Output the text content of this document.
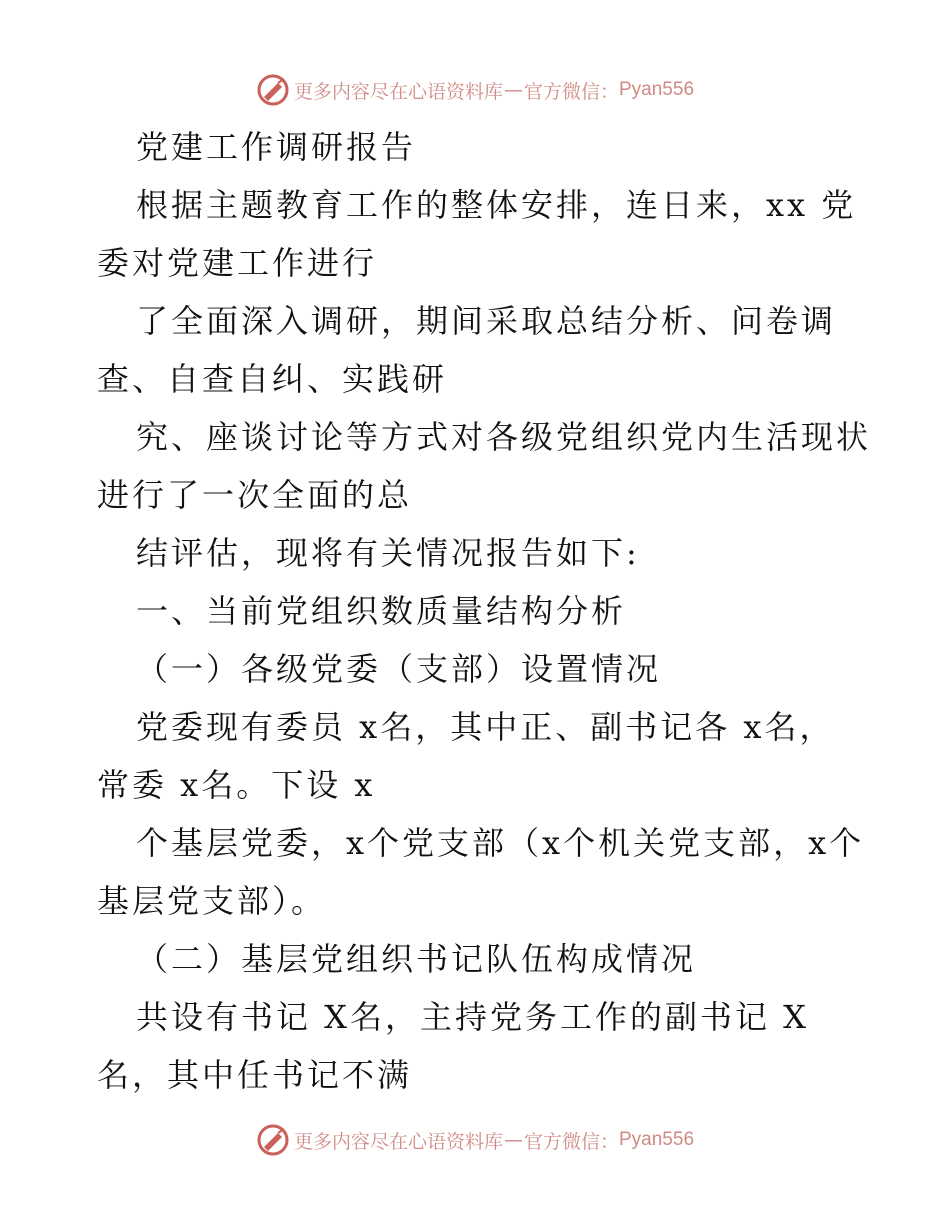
更多内容尽在心语资料库 — 官方微信： Pyan556
党建工作调研报告
根据主题教育工作的整体安排，连日来，xx 党
委对党建工作进行
了全面深入调研，期间采取总结分析、问卷调
查、自查自纠、实践研
究、座谈讨论等方式对各级党组织党内生活现状
进行了一次全面的总
结评估，现将有关情况报告如下:
一、当前党组织数质量结构分析
（一）各级党委（支部）设置情况
党委现有委员 x名，其中正、副书记各 x名，
常委 x名。下设 x
个基层党委，x个党支部（x个机关党支部，x个
基层党支部）。
（二）基层党组织书记队伍构成情况
共设有书记 X名，主持党务工作的副书记 X
名，其中任书记不满
更多内容尽在心语资料库 — 官方微信： Pyan556
